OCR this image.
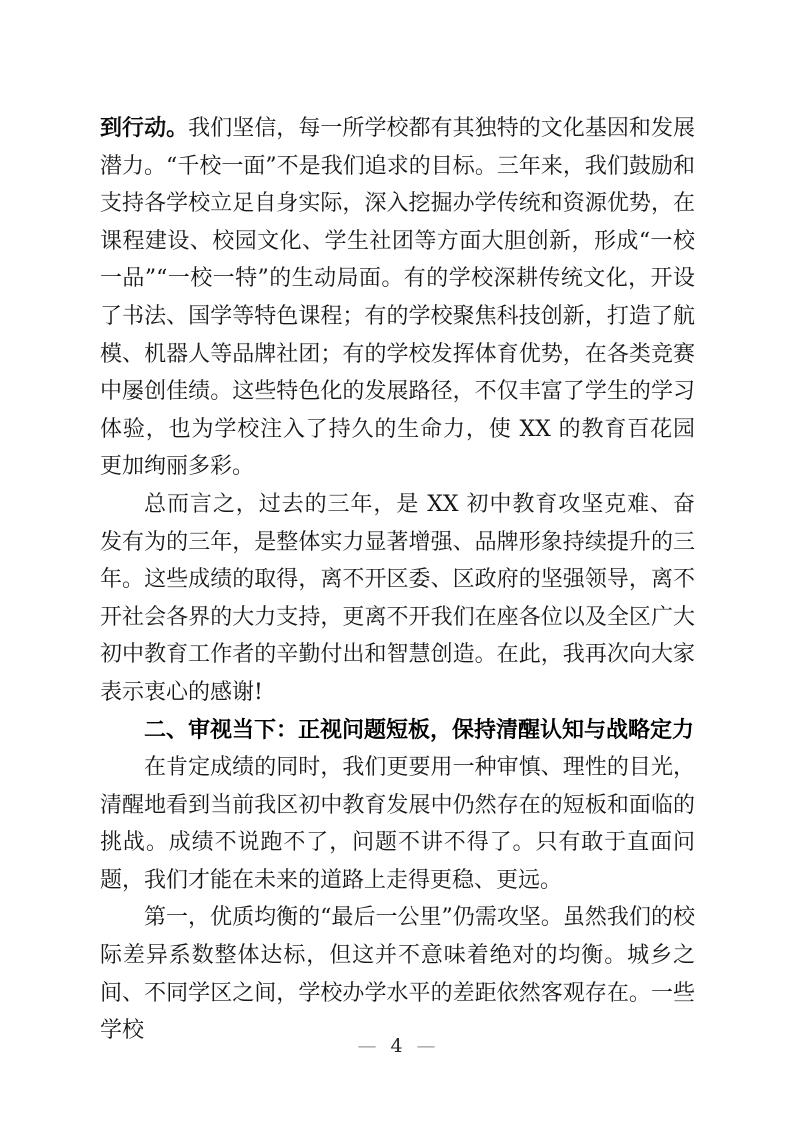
到行动。我们坚信，每一所学校都有其独特的文化基因和发展潜力。“千校一面”不是我们追求的目标。三年来，我们鼓励和支持各学校立足自身实际，深入挖掘办学传统和资源优势，在课程建设、校园文化、学生社团等方面大胆创新，形成“一校一品”“一校一特”的生动局面。有的学校深耕传统文化，开设了书法、国学等特色课程；有的学校聚焦科技创新，打造了航模、机器人等品牌社团；有的学校发挥体育优势，在各类竞赛中屡创佳绩。这些特色化的发展路径，不仅丰富了学生的学习体验，也为学校注入了持久的生命力，使 XX 的教育百花园更加绚丽多彩。

总而言之，过去的三年，是 XX 初中教育攻坚克难、奋发有为的三年，是整体实力显著增强、品牌形象持续提升的三年。这些成绩的取得，离不开区委、区政府的坚强领导，离不开社会各界的大力支持，更离不开我们在座各位以及全区广大初中教育工作者的辛勤付出和智慧创造。在此，我再次向大家表示衷心的感谢!

二、审视当下：正视问题短板，保持清醒认知与战略定力

在肯定成绩的同时，我们更要用一种审慎、理性的目光，清醒地看到当前我区初中教育发展中仍然存在的短板和面临的挑战。成绩不说跑不了，问题不讲不得了。只有敢于直面问题，我们才能在未来的道路上走得更稳、更远。

第一，优质均衡的“最后一公里”仍需攻坚。虽然我们的校际差异系数整体达标，但这并不意味着绝对的均衡。城乡之间、不同学区之间，学校办学水平的差距依然客观存在。一些学校

— 4 —
